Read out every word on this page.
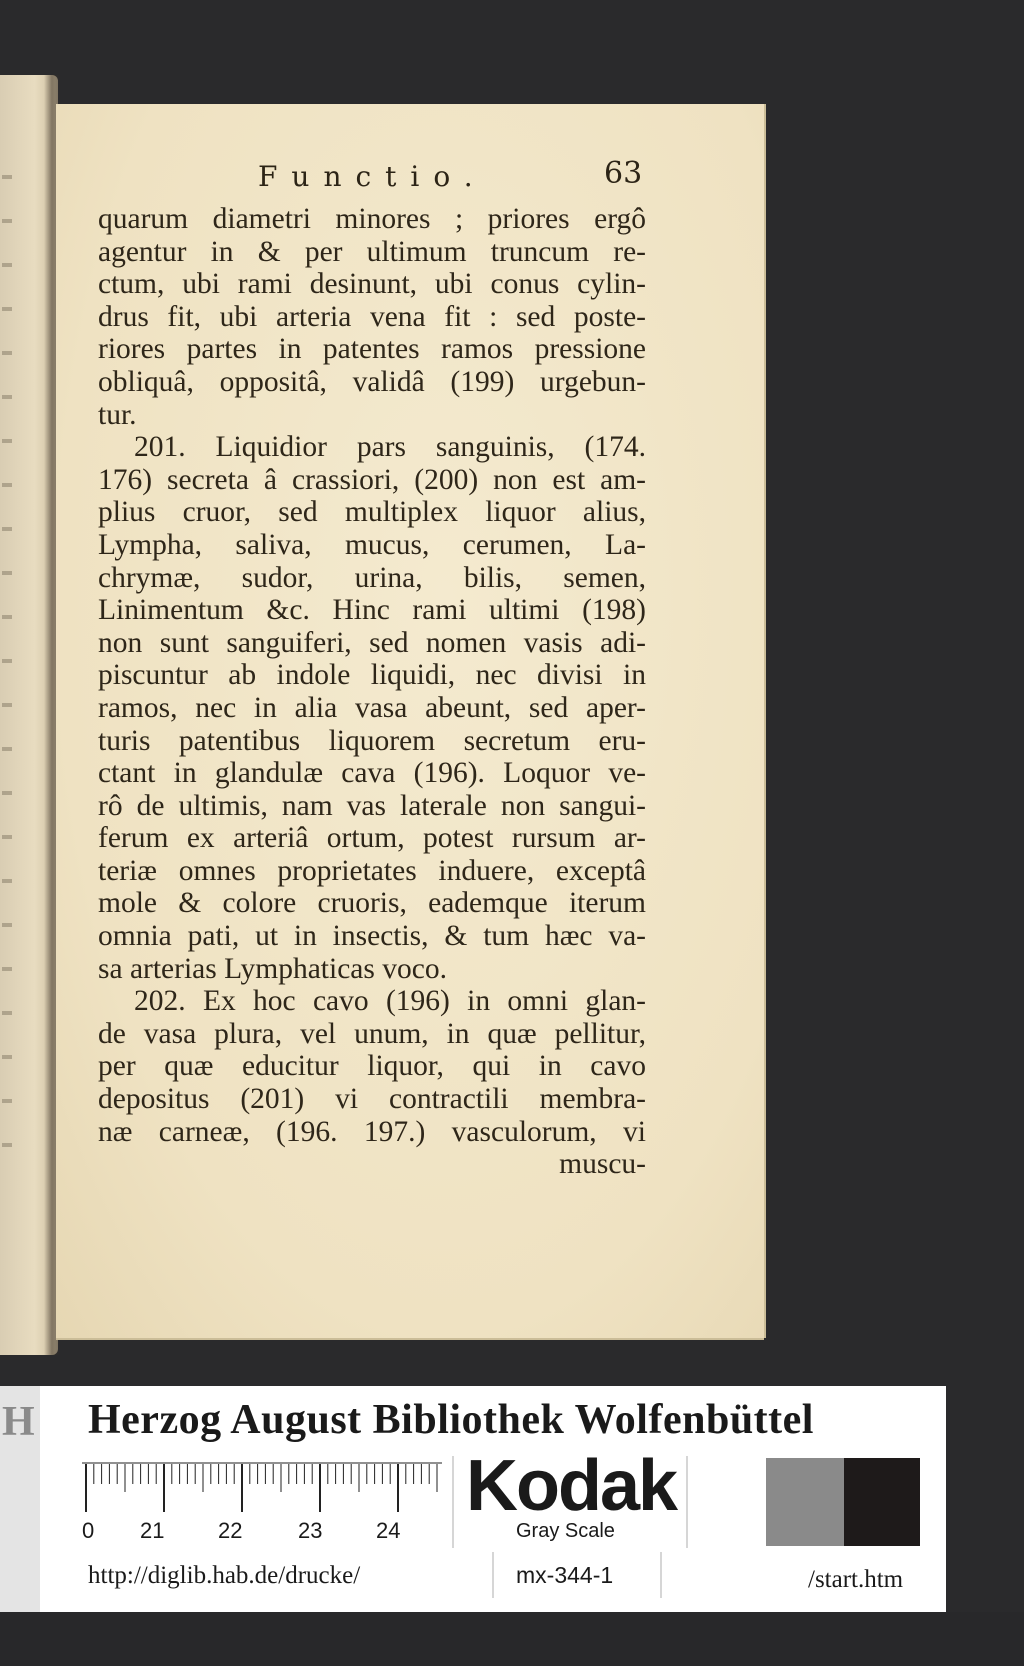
Functio.	63
quarum diametri minores ; priores ergô
agentur in & per ultimum truncum re-
ctum, ubi rami desinunt, ubi conus cylin-
drus fit, ubi arteria vena fit : sed poste-
riores partes in patentes ramos pressione
obliquâ, oppositâ, validâ (199) urgebun-
tur.
201. Liquidior pars sanguinis, (174.
176) secreta â crassiori, (200) non est am-
plius cruor, sed multiplex liquor alius,
Lympha, saliva, mucus, cerumen, La-
chrymæ, sudor, urina, bilis, semen,
Linimentum &c. Hinc rami ultimi (198)
non sunt sanguiferi, sed nomen vasis adi-
piscuntur ab indole liquidi, nec divisi in
ramos, nec in alia vasa abeunt, sed aper-
turis patentibus liquorem secretum eru-
ctant in glandulæ cava (196). Loquor ve-
rô de ultimis, nam vas laterale non sangui-
ferum ex arteriâ ortum, potest rursum ar-
teriæ omnes proprietates induere, exceptâ
mole & colore cruoris, eademque iterum
omnia pati, ut in insectis, & tum hæc va-
sa arterias Lymphaticas voco.
202. Ex hoc cavo (196) in omni glan-
de vasa plura, vel unum, in quæ pellitur,
per quæ educitur liquor, qui in cavo
depositus (201) vi contractili membra-
næ carneæ, (196. 197.) vasculorum, vi
muscu-
H Herzog August Bibliothek Wolfenbüttel
0 21 22	23 24
Kodak
Gray Scale
http://diglib.hab.de/drucke/	mx-344-1	/start.htm
